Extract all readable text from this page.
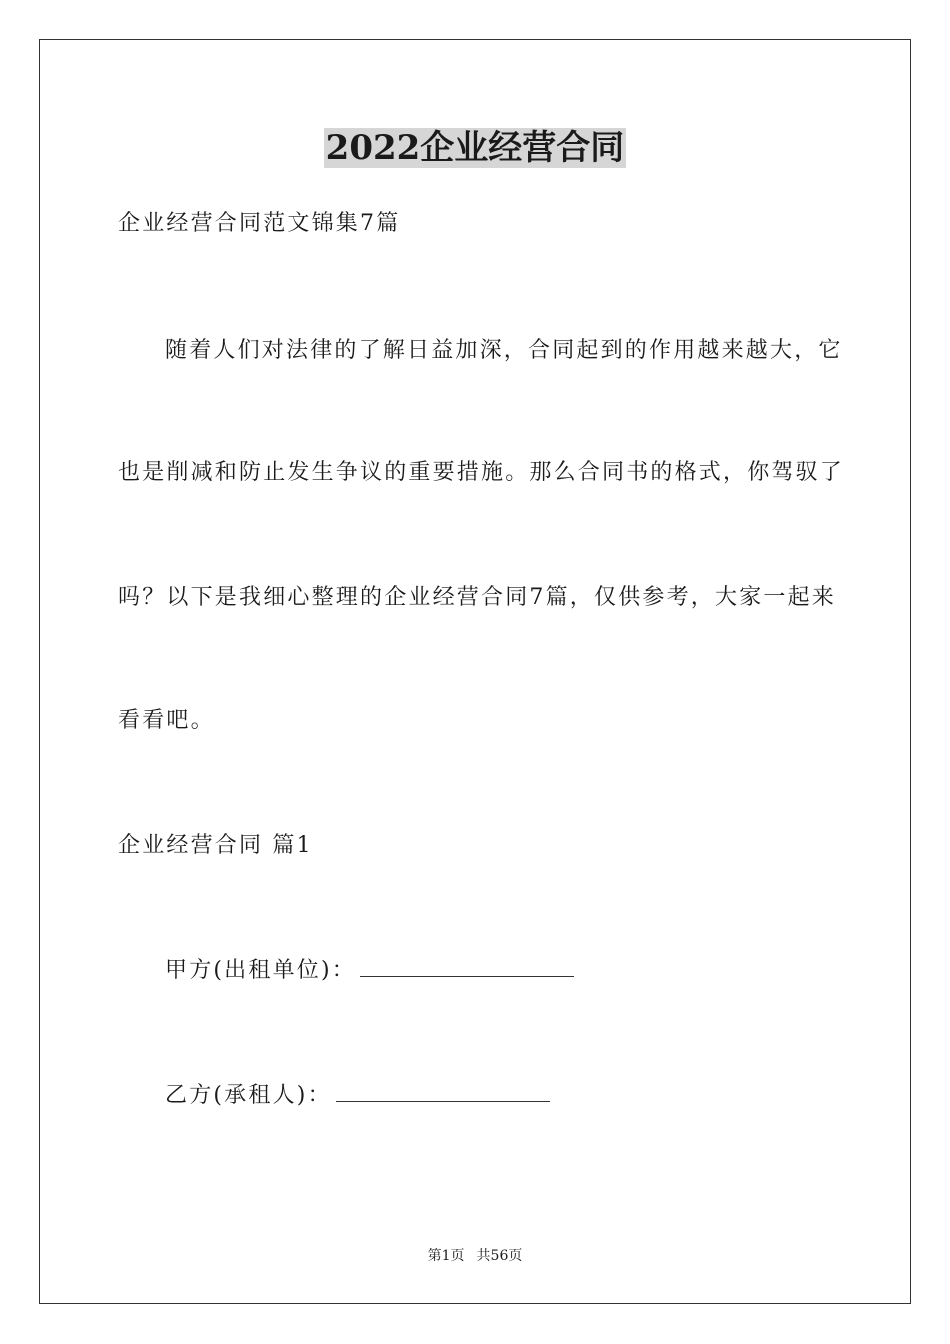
2022企业经营合同

企业经营合同范文锦集7篇

随着人们对法律的了解日益加深，合同起到的作用越来越大，它

也是削减和防止发生争议的重要措施。那么合同书的格式，你驾驭了

吗？以下是我细心整理的企业经营合同7篇，仅供参考，大家一起来

看看吧。

企业经营合同 篇1

甲方(出租单位)：

乙方(承租人)：

第1页 共56页
